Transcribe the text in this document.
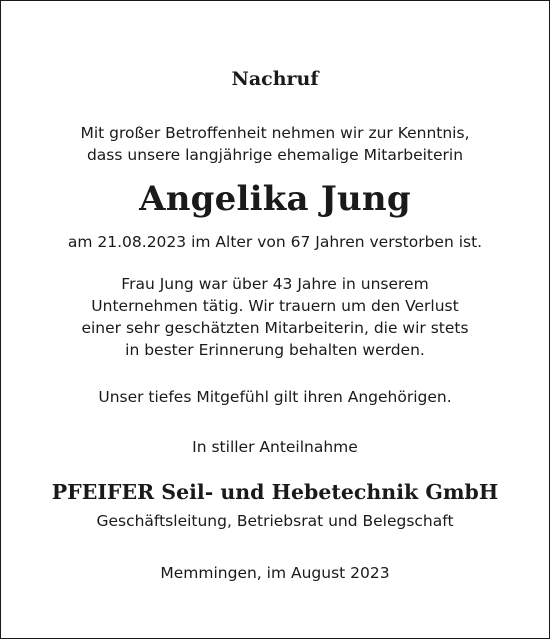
Nachruf
Mit großer Betroffenheit nehmen wir zur Kenntnis,
dass unsere langjährige ehemalige Mitarbeiterin
Angelika Jung
am 21.08.2023 im Alter von 67 Jahren verstorben ist.
Frau Jung war über 43 Jahre in unserem
Unternehmen tätig. Wir trauern um den Verlust
einer sehr geschätzten Mitarbeiterin, die wir stets
in bester Erinnerung behalten werden.
Unser tiefes Mitgefühl gilt ihren Angehörigen.
In stiller Anteilnahme
PFEIFER Seil- und Hebetechnik GmbH
Geschäftsleitung, Betriebsrat und Belegschaft
Memmingen, im August 2023
